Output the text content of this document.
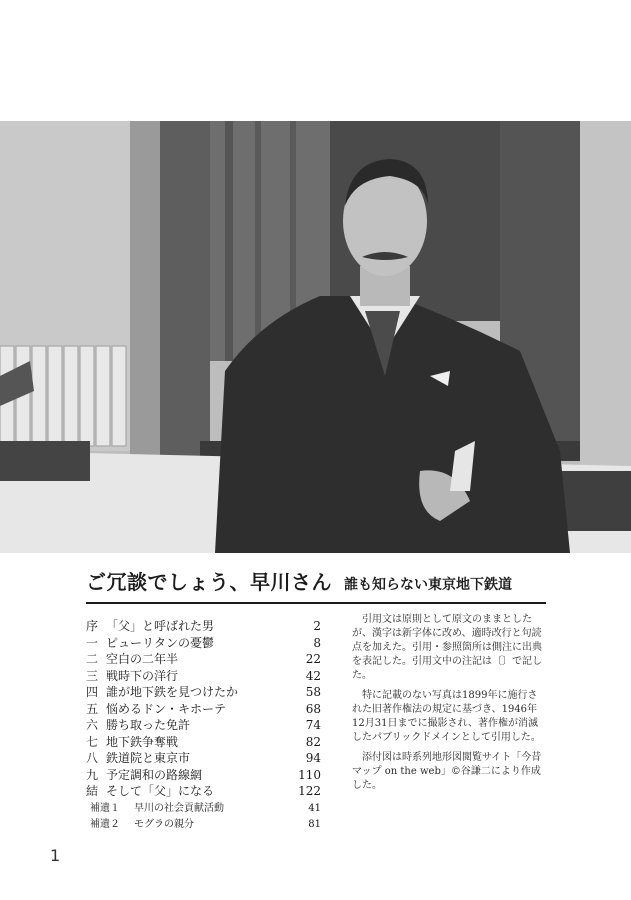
ご冗談でしょう、早川さん 誰も知らない東京地下鉄道
序 「父」と呼ばれた男	2
一 ピューリタンの憂鬱	8
二 空白の二年半	22
三 戦時下の洋行	42
四 誰が地下鉄を見つけたか	58
五 悩めるドン・キホーテ	68
六 勝ち取った免許	74
七 地下鉄争奪戦	82
八 鉄道院と東京市	94
九 予定調和の路線網	110
結 そして「父」になる	122
補遺１	早川の社会貢献活動	41
補遺２	モグラの親分	81

引用文は原則として原文のままとしたが、漢字は新字体に改め、適時改行と句読点を加えた。引用・参照箇所は側注に出典を表記した。引用文中の注記は〔〕で記した。

特に記載のない写真は1899年に施行された旧著作権法の規定に基づき、1946年12月31日までに撮影され、著作権が消滅したパブリックドメインとして引用した。

添付図は時系列地形図閲覧サイト「今昔マップ on the web」©谷謙二により作成した。

1
